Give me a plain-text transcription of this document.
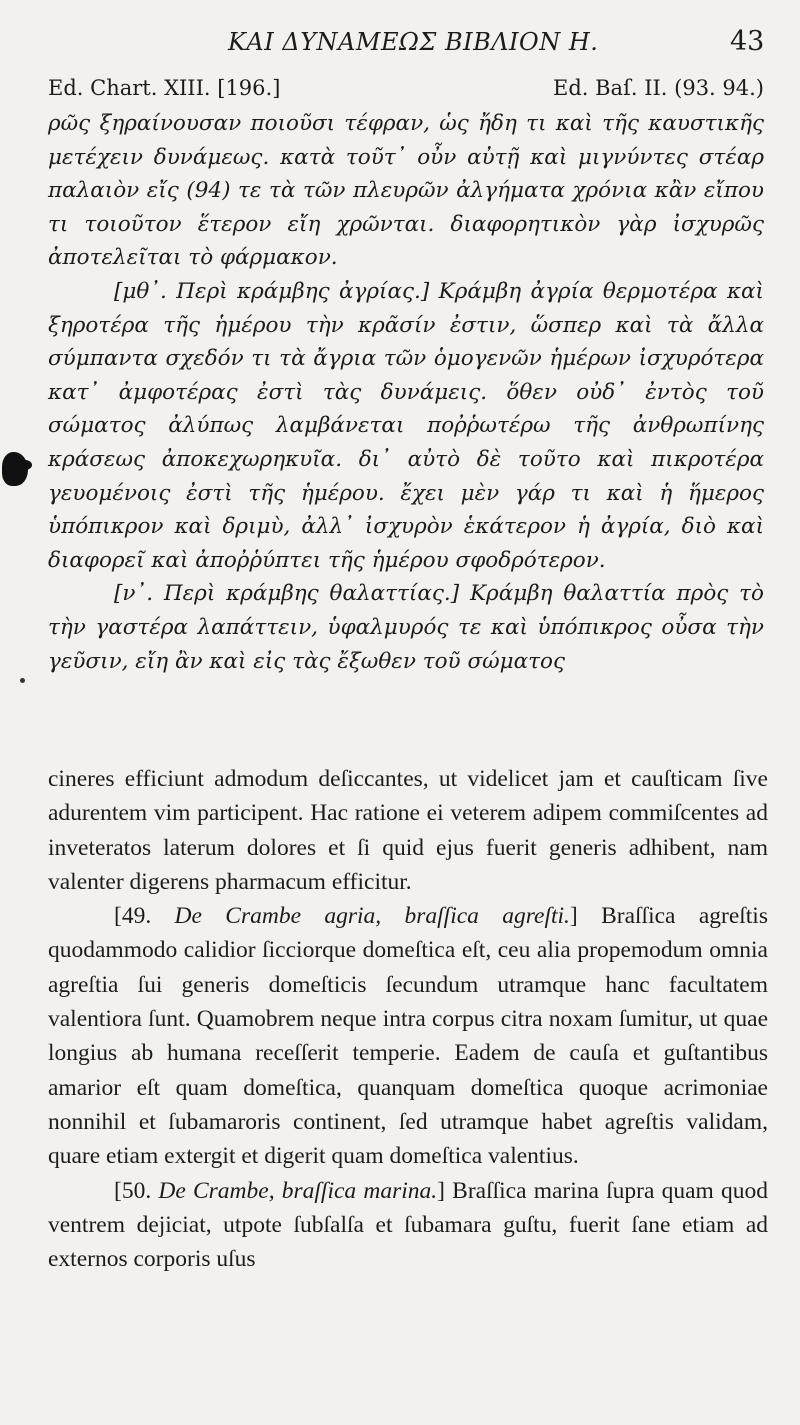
ΚΑΙ ΔΥΝΑΜΕΩΣ ΒΙΒΛΙΟΝ Η.	43
Ed. Chart. XIII. [196.]	Ed. Baſ. II. (93. 94.)

ρῶς ξηραίνουσαν ποιοῦσι τέφραν, ὡς ἤδη τι καὶ τῆς καυστικῆς μετέχειν δυνάμεως. κατὰ τοῦτ᾽ οὖν αὐτῇ καὶ μιγνύντες στέαρ παλαιὸν εἴς (94) τε τὰ τῶν πλευρῶν ἀλγήματα χρόνια κἂν εἴπου τι τοιοῦτον ἕτερον εἴη χρῶνται. διαφορητικὸν γὰρ ἰσχυρῶς ἀποτελεῖται τὸ φάρμακον.

[μθ᾽. Περὶ κράμβης ἀγρίας.] Κράμβη ἀγρία θερμοτέρα καὶ ξηροτέρα τῆς ἡμέρου τὴν κρᾶσίν ἐστιν, ὥσπερ καὶ τὰ ἄλλα σύμπαντα σχεδόν τι τὰ ἄγρια τῶν ὁμογενῶν ἡμέρων ἰσχυρότερα κατ᾽ ἀμφοτέρας ἐστὶ τὰς δυνάμεις. ὅθεν οὐδ᾽ ἐντὸς τοῦ σώματος ἀλύπως λαμβάνεται ποῤῥωτέρω τῆς ἀνθρωπίνης κράσεως ἀποκεχωρηκυῖα. δι᾽ αὐτὸ δὲ τοῦτο καὶ πικροτέρα γευομένοις ἐστὶ τῆς ἡμέρου. ἔχει μὲν γάρ τι καὶ ἡ ἥμερος ὑπόπικρον καὶ δριμὺ, ἀλλ᾽ ἰσχυρὸν ἑκάτερον ἡ ἀγρία, διὸ καὶ διαφορεῖ καὶ ἀποῤῥύπτει τῆς ἡμέρου σφοδρότερον.

[ν᾽. Περὶ κράμβης θαλαττίας.] Κράμβη θαλαττία πρὸς τὸ τὴν γαστέρα λαπάττειν, ὑφαλμυρός τε καὶ ὑπόπικρος οὖσα τὴν γεῦσιν, εἴη ἂν καὶ εἰς τὰς ἔξωθεν τοῦ σώματος

cineres efficiunt admodum deſiccantes, ut videlicet jam et cauſticam ſive adurentem vim participent. Hac ratione ei veterem adipem commiſcentes ad inveteratos laterum dolores et ſi quid ejus fuerit generis adhibent, nam valenter digerens pharmacum efficitur.

[49. De Crambe agria, braſſica agreſti.] Braſſica agreſtis quodammodo calidior ſicciorque domeſtica eſt, ceu alia propemodum omnia agreſtia ſui generis domeſticis ſecundum utramque hanc facultatem valentiora ſunt. Quamobrem neque intra corpus citra noxam ſumitur, ut quae longius ab humana receſſerit temperie. Eadem de cauſa et guſtantibus amarior eſt quam domeſtica, quanquam domeſtica quoque acrimoniae nonnihil et ſubamaroris continent, ſed utramque habet agreſtis validam, quare etiam extergit et digerit quam domeſtica valentius.

[50. De Crambe, braſſica marina.] Braſſica marina ſupra quam quod ventrem dejiciat, utpote ſubſalſa et ſubamara guſtu, fuerit ſane etiam ad externos corporis uſus
